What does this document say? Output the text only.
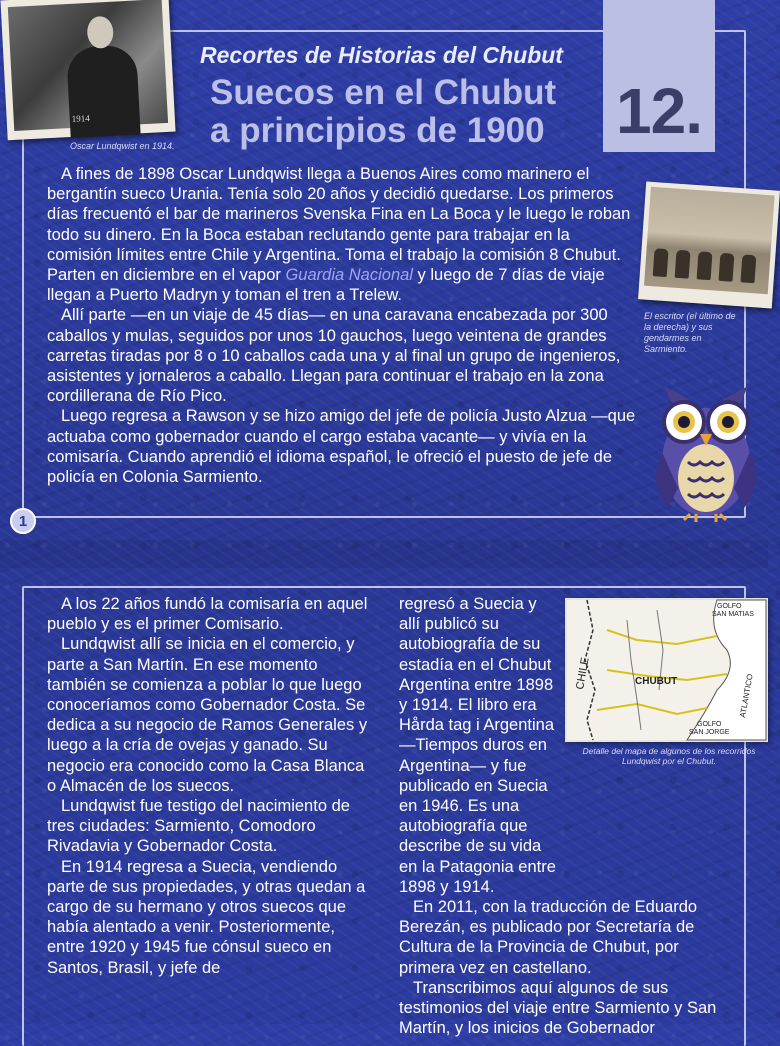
12.
1914
Oscar Lundqwist en 1914.
Recortes de Historias del Chubut
Suecos en el Chubut
a principios de 1900

A fines de 1898 Oscar Lundqwist llega a Buenos Aires como marinero el bergantín sueco Urania. Tenía solo 20 años y decidió quedarse. Los primeros días frecuentó el bar de marineros Svenska Fina en La Boca y le luego le roban todo su dinero. En la Boca estaban reclutando gente para trabajar en la comisión límites entre Chile y Argentina. Toma el trabajo la comisión 8 Chubut. Parten en diciembre en el vapor Guardia Nacional y luego de 7 días de viaje llegan a Puerto Madryn y toman el tren a Trelew.

Allí parte —en un viaje de 45 días— en una caravana encabezada por 300 caballos y mulas, seguidos por unos 10 gauchos, luego veintena de grandes carretas tiradas por 8 o 10 caballos cada una y al final un grupo de ingenieros, asistentes y jornaleros a caballo. Llegan para continuar el trabajo en la zona cordillerana de Río Pico.

Luego regresa a Rawson y se hizo amigo del jefe de policía Justo Alzua —que actuaba como gobernador cuando el cargo estaba vacante— y vivía en la comisaría. Cuando aprendió el idioma español, le ofreció el puesto de jefe de policía en Colonia Sarmiento.

El escritor (el último de la derecha) y sus gendarmes en Sarmiento.
1

A los 22 años fundó la comisaría en aquel pueblo y es el primer Comisario.

Lundqwist allí se inicia en el comercio, y parte a San Martín. En ese momento también se comienza a poblar lo que luego conoceríamos como Gobernador Costa. Se dedica a su negocio de Ramos Generales y luego a la cría de ovejas y ganado. Su negocio era conocido como la Casa Blanca o Almacén de los suecos.

Lundqwist fue testigo del nacimiento de tres ciudades: Sarmiento, Comodoro Rivadavia y Gobernador Costa.

En 1914 regresa a Suecia, vendiendo parte de sus propiedades, y otras quedan a cargo de su hermano y otros suecos que había alentado a venir. Posteriormente, entre 1920 y 1945 fue cónsul sueco en Santos, Brasil, y jefe de

GOLFO
SAN MATIAS
CHILE	CHUBUT
GOLFO
SAN JORGE
ATLANTICO
Detalle del mapa de algunos de los recorridos Lundqwist por el Chubut.
regresó a Suecia y allí publicó su autobiografía de su estadía en el Chubut Argentina entre 1898 y 1914. El libro era Hårda tag i Argentina —Tiempos duros en Argentina— y fue publicado en Suecia en 1946. Es una autobiografía que describe de su vida en la Patagonia entre 1898 y 1914.

En 2011, con la traducción de Eduardo Berezán, es publicado por Secretaría de Cultura de la Provincia de Chubut, por primera vez en castellano.

Transcribimos aquí algunos de sus testimonios del viaje entre Sarmiento y San Martín, y los inicios de Gobernador
